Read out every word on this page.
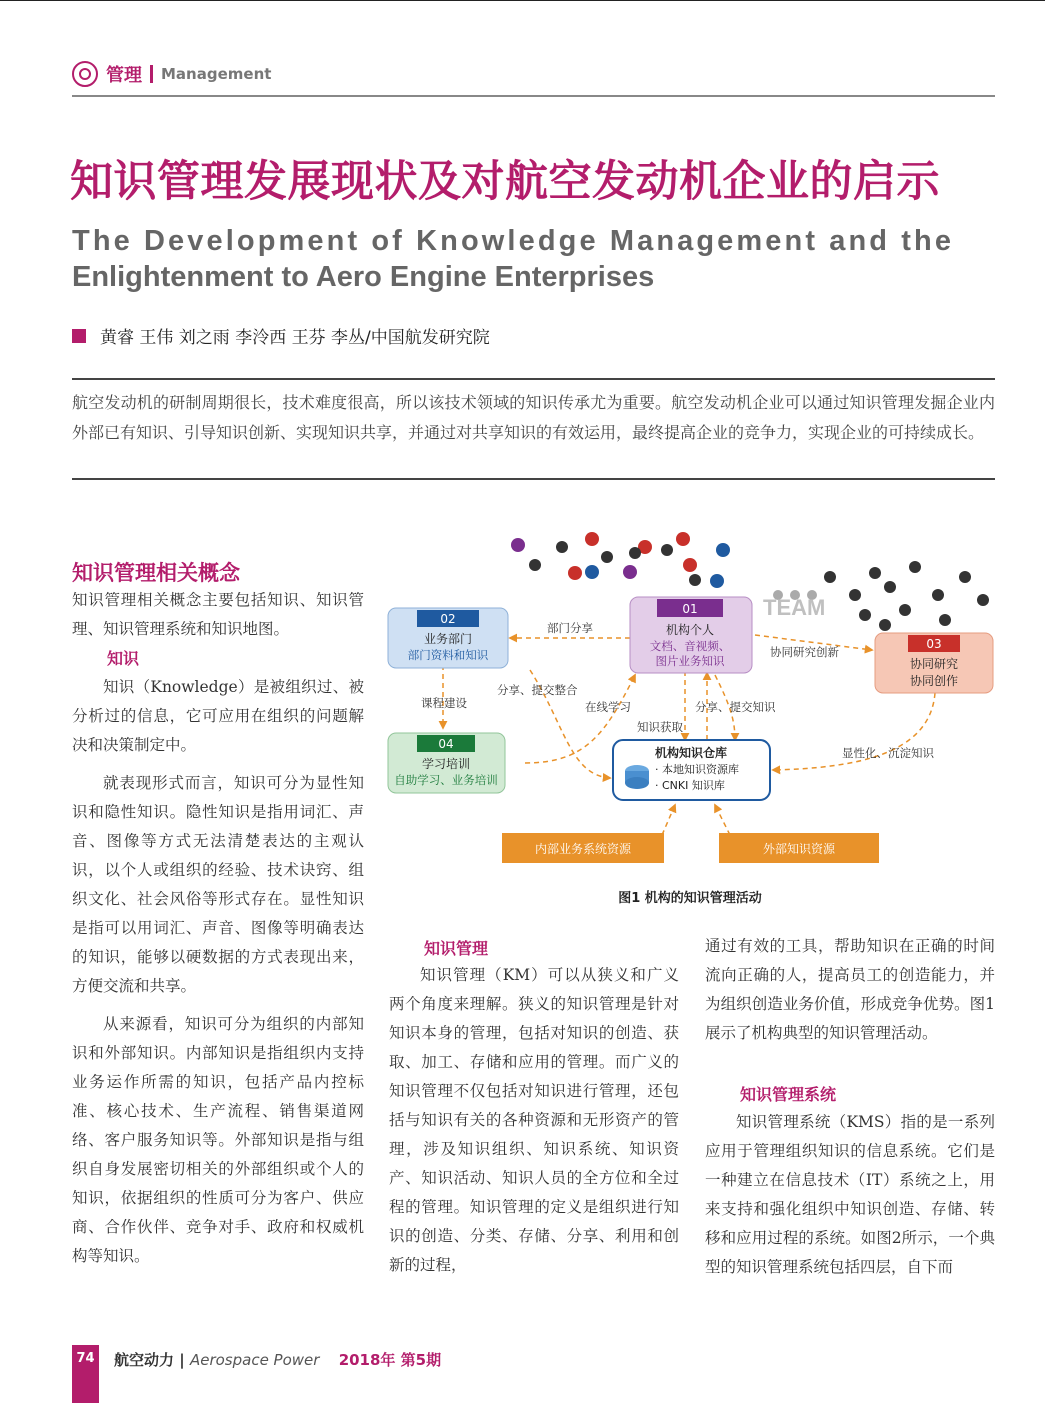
管理 Management
知识管理发展现状及对航空发动机企业的启示
The Development of Knowledge Management and the
Enlightenment to Aero Engine Enterprises
黄睿 王伟 刘之雨 李泠西 王芬 李丛/中国航发研究院
航空发动机的研制周期很长，技术难度很高，所以该技术领域的知识传承尤为重要。航空发动机企业可以通过知识管理发掘企业内外部已有知识、引导知识创新、实现知识共享，并通过对共享知识的有效运用，最终提高企业的竞争力，实现企业的可持续成长。
知识管理相关概念

知识管理相关概念主要包括知识、知识管理、知识管理系统和知识地图。

知识

知识（Knowledge）是被组织过、被分析过的信息，它可应用在组织的问题解决和决策制定中。

就表现形式而言，知识可分为显性知识和隐性知识。隐性知识是指用词汇、声音、图像等方式无法清楚表达的主观认识，以个人或组织的经验、技术诀窍、组织文化、社会风俗等形式存在。显性知识是指可以用词汇、声音、图像等明确表达的知识，能够以硬数据的方式表现出来，方便交流和共享。

从来源看，知识可分为组织的内部知识和外部知识。内部知识是指组织内支持业务运作所需的知识，包括产品内控标准、核心技术、生产流程、销售渠道网络、客户服务知识等。外部知识是指与组织自身发展密切相关的外部组织或个人的知识，依据组织的性质可分为客户、供应商、合作伙伴、竞争对手、政府和权威机构等知识。

TEAM
01
机构个人
文档、音视频、
图片业务知识
02
业务部门
部门资料和知识
03
协同研究
协同创作
04
学习培训
自助学习、业务培训
机构知识仓库
· 本地知识资源库
· CNKI 知识库
内部业务系统资源	外部知识资源
部门分享
协同研究创新
课程建设
分享、提交整合
在线学习
知识获取
分享、提交知识
显性化、沉淀知识
图1 机构的知识管理活动
知识管理

知识管理（KM）可以从狭义和广义两个角度来理解。狭义的知识管理是针对知识本身的管理，包括对知识的创造、获取、加工、存储和应用的管理。而广义的知识管理不仅包括对知识进行管理，还包括与知识有关的各种资源和无形资产的管理，涉及知识组织、知识系统、知识资产、知识活动、知识人员的全方位和全过程的管理。知识管理的定义是组织进行知识的创造、分类、存储、分享、利用和创新的过程，

通过有效的工具，帮助知识在正确的时间流向正确的人，提高员工的创造能力，并为组织创造业务价值，形成竞争优势。图1展示了机构典型的知识管理活动。

知识管理系统

知识管理系统（KMS）指的是一系列应用于管理组织知识的信息系统。它们是一种建立在信息技术（IT）系统之上，用来支持和强化组织中知识创造、存储、转移和应用过程的系统。如图2所示，一个典型的知识管理系统包括四层，自下而

74 航空动力 | Aerospace Power 2018年 第5期
